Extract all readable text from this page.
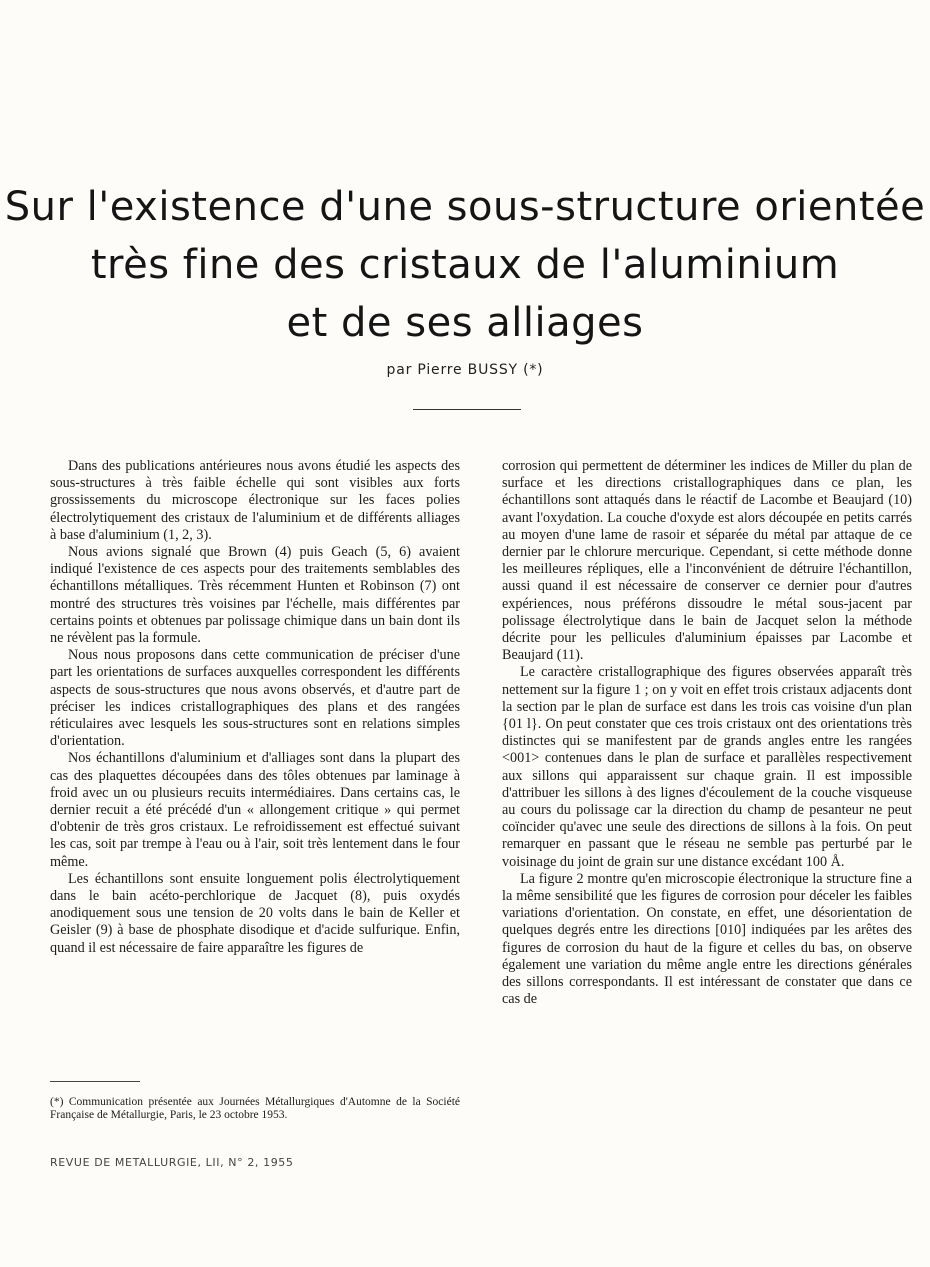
Sur l'existence d'une sous-structure orientée
très fine des cristaux de l'aluminium
et de ses alliages
par Pierre BUSSY (*)

Dans des publications antérieures nous avons étudié les aspects des sous-structures à très faible échelle qui sont visibles aux forts grossissements du microscope électronique sur les faces polies électrolytiquement des cristaux de l'aluminium et de différents alliages à base d'aluminium (1, 2, 3).

Nous avions signalé que Brown (4) puis Geach (5, 6) avaient indiqué l'existence de ces aspects pour des traitements semblables des échantillons métalliques. Très récemment Hunten et Robinson (7) ont montré des structures très voisines par l'échelle, mais différentes par certains points et obtenues par polissage chimique dans un bain dont ils ne révèlent pas la formule.

Nous nous proposons dans cette communication de préciser d'une part les orientations de surfaces auxquelles correspondent les différents aspects de sous-structures que nous avons observés, et d'autre part de préciser les indices cristallographiques des plans et des rangées réticulaires avec lesquels les sous-structures sont en relations simples d'orientation.

Nos échantillons d'aluminium et d'alliages sont dans la plupart des cas des plaquettes découpées dans des tôles obtenues par laminage à froid avec un ou plusieurs recuits intermédiaires. Dans certains cas, le dernier recuit a été précédé d'un « allongement critique » qui permet d'obtenir de très gros cristaux. Le refroidissement est effectué suivant les cas, soit par trempe à l'eau ou à l'air, soit très lentement dans le four même.

Les échantillons sont ensuite longuement polis électrolytiquement dans le bain acéto-perchlorique de Jacquet (8), puis oxydés anodiquement sous une tension de 20 volts dans le bain de Keller et Geisler (9) à base de phosphate disodique et d'acide sulfurique. Enfin, quand il est nécessaire de faire apparaître les figures de

corrosion qui permettent de déterminer les indices de Miller du plan de surface et les directions cristallographiques dans ce plan, les échantillons sont attaqués dans le réactif de Lacombe et Beaujard (10) avant l'oxydation. La couche d'oxyde est alors découpée en petits carrés au moyen d'une lame de rasoir et séparée du métal par attaque de ce dernier par le chlorure mercurique. Cependant, si cette méthode donne les meilleures répliques, elle a l'inconvénient de détruire l'échantillon, aussi quand il est nécessaire de conserver ce dernier pour d'autres expériences, nous préférons dissoudre le métal sous-jacent par polissage électrolytique dans le bain de Jacquet selon la méthode décrite pour les pellicules d'aluminium épaisses par Lacombe et Beaujard (11).

Le caractère cristallographique des figures observées apparaît très nettement sur la figure 1 ; on y voit en effet trois cristaux adjacents dont la section par le plan de surface est dans les trois cas voisine d'un plan {01 l}. On peut constater que ces trois cristaux ont des orientations très distinctes qui se manifestent par de grands angles entre les rangées <001> contenues dans le plan de surface et parallèles respectivement aux sillons qui apparaissent sur chaque grain. Il est impossible d'attribuer les sillons à des lignes d'écoulement de la couche visqueuse au cours du polissage car la direction du champ de pesanteur ne peut coïncider qu'avec une seule des directions de sillons à la fois. On peut remarquer en passant que le réseau ne semble pas perturbé par le voisinage du joint de grain sur une distance excédant 100 Å.

La figure 2 montre qu'en microscopie électronique la structure fine a la même sensibilité que les figures de corrosion pour déceler les faibles variations d'orientation. On constate, en effet, une désorientation de quelques degrés entre les directions [010] indiquées par les arêtes des figures de corrosion du haut de la figure et celles du bas, on observe également une variation du même angle entre les directions générales des sillons correspondants. Il est intéressant de constater que dans ce cas de

(*) Communication présentée aux Journées Métallurgiques d'Automne de la Société Française de Métallurgie, Paris, le 23 octobre 1953.
REVUE DE METALLURGIE, LII, N° 2, 1955
